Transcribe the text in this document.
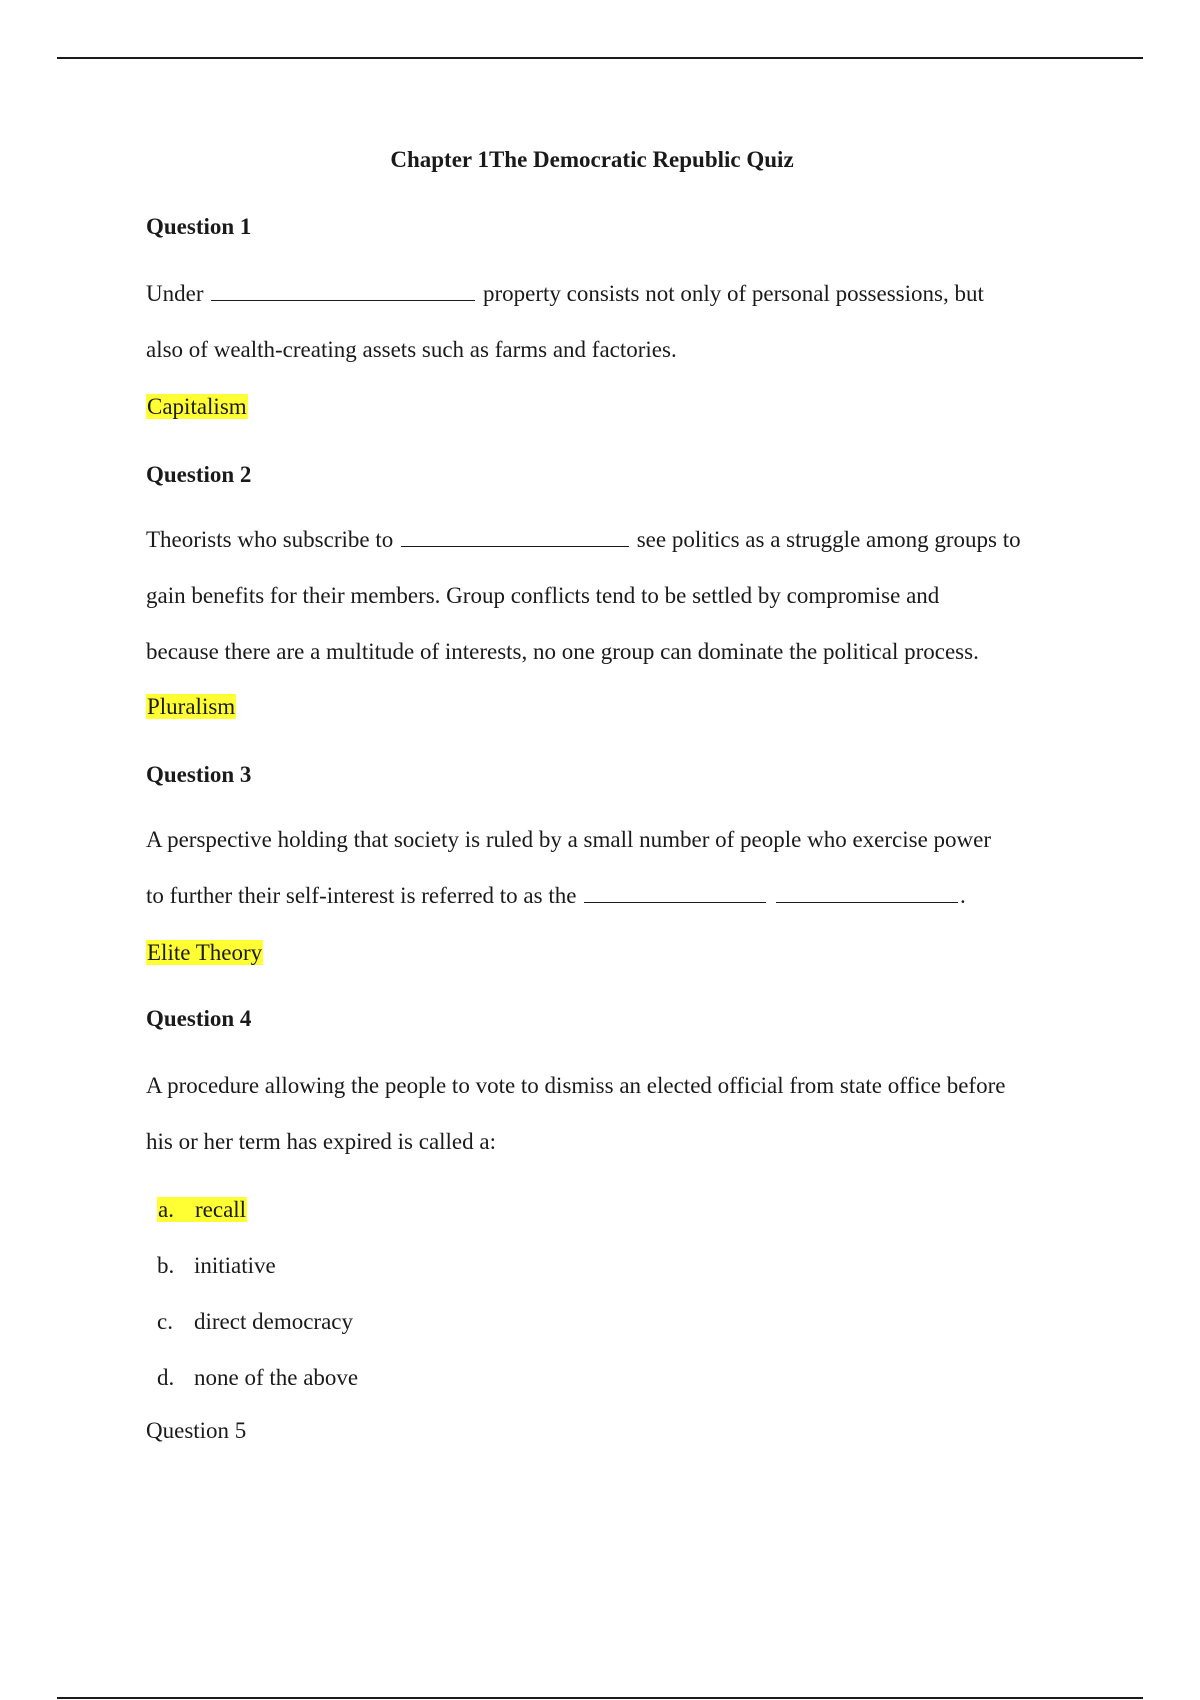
Chapter 1The Democratic Republic Quiz

Question 1

Under	property consists not only of personal possessions, but
also of wealth-creating assets such as farms and factories.

Capitalism

Question 2

Theorists who subscribe to	see politics as a struggle among groups to
gain benefits for their members. Group conflicts tend to be settled by compromise and
because there are a multitude of interests, no one group can dominate the political process.

Pluralism

Question 3

A perspective holding that society is ruled by a small number of people who exercise power
to further their self-interest is referred to as the	.

Elite Theory

Question 4

A procedure allowing the people to vote to dismiss an elected official from state office before
his or her term has expired is called a:

a. recall
b. initiative
c. direct democracy
d. none of the above

Question 5
